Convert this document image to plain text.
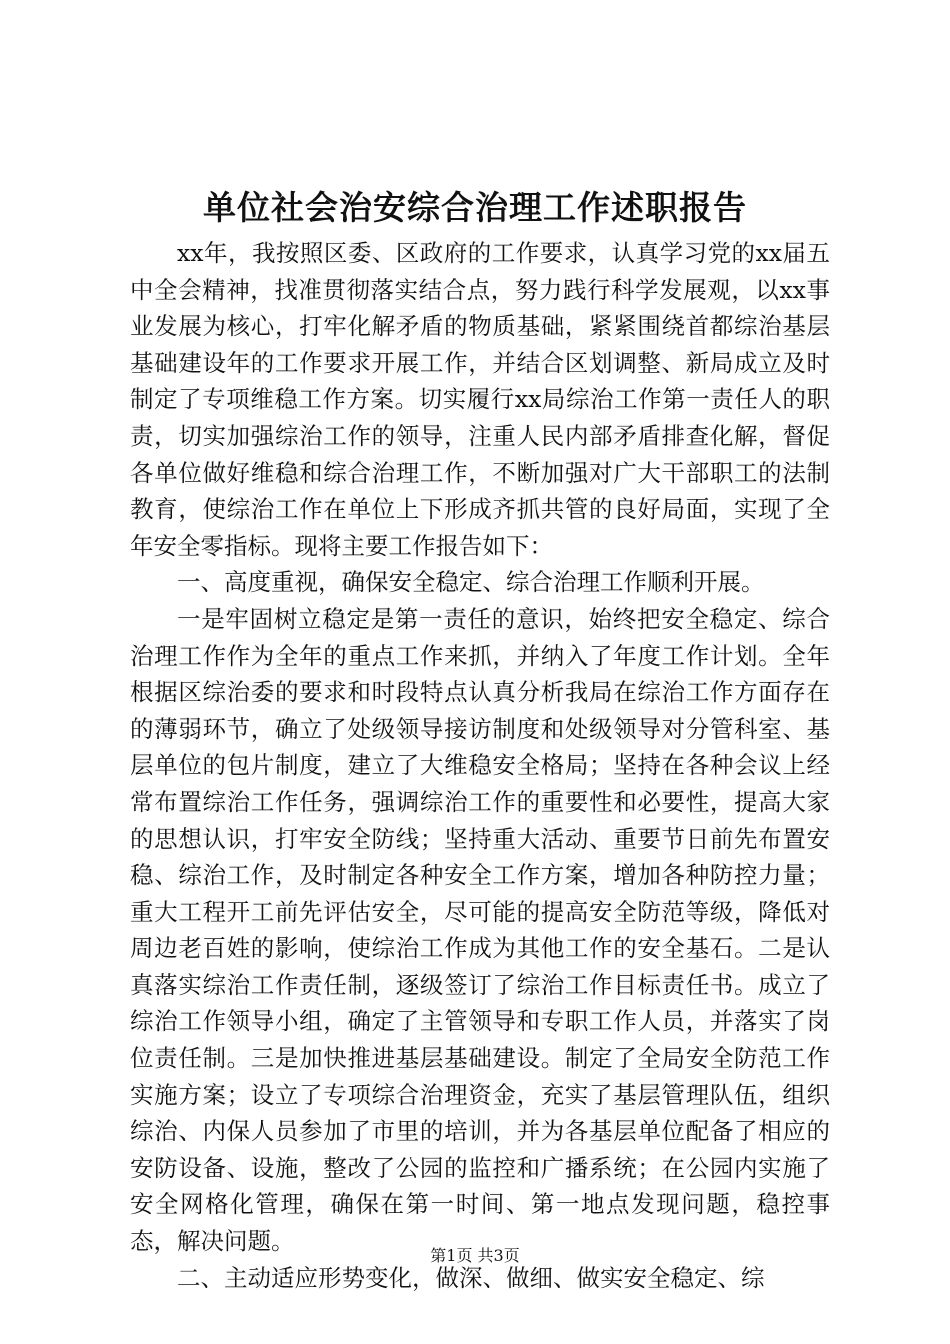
单位社会治安综合治理工作述职报告

xx年，我按照区委、区政府的工作要求，认真学习党的xx届五中全会精神，找准贯彻落实结合点，努力践行科学发展观，以xx事业发展为核心，打牢化解矛盾的物质基础，紧紧围绕首都综治基层基础建设年的工作要求开展工作，并结合区划调整、新局成立及时制定了专项维稳工作方案。切实履行xx局综治工作第一责任人的职责，切实加强综治工作的领导，注重人民内部矛盾排查化解，督促各单位做好维稳和综合治理工作，不断加强对广大干部职工的法制教育，使综治工作在单位上下形成齐抓共管的良好局面，实现了全年安全零指标。现将主要工作报告如下：

一、高度重视，确保安全稳定、综合治理工作顺利开展。

一是牢固树立稳定是第一责任的意识，始终把安全稳定、综合治理工作作为全年的重点工作来抓，并纳入了年度工作计划。全年根据区综治委的要求和时段特点认真分析我局在综治工作方面存在的薄弱环节，确立了处级领导接访制度和处级领导对分管科室、基层单位的包片制度，建立了大维稳安全格局；坚持在各种会议上经常布置综治工作任务，强调综治工作的重要性和必要性，提高大家的思想认识，打牢安全防线；坚持重大活动、重要节日前先布置安稳、综治工作，及时制定各种安全工作方案，增加各种防控力量；重大工程开工前先评估安全，尽可能的提高安全防范等级，降低对周边老百姓的影响，使综治工作成为其他工作的安全基石。二是认真落实综治工作责任制，逐级签订了综治工作目标责任书。成立了综治工作领导小组，确定了主管领导和专职工作人员，并落实了岗位责任制。三是加快推进基层基础建设。制定了全局安全防范工作实施方案；设立了专项综合治理资金，充实了基层管理队伍，组织综治、内保人员参加了市里的培训，并为各基层单位配备了相应的安防设备、设施，整改了公园的监控和广播系统；在公园内实施了安全网格化管理，确保在第一时间、第一地点发现问题，稳控事态，解决问题。

二、主动适应形势变化，做深、做细、做实安全稳定、综

第1页 共3页
